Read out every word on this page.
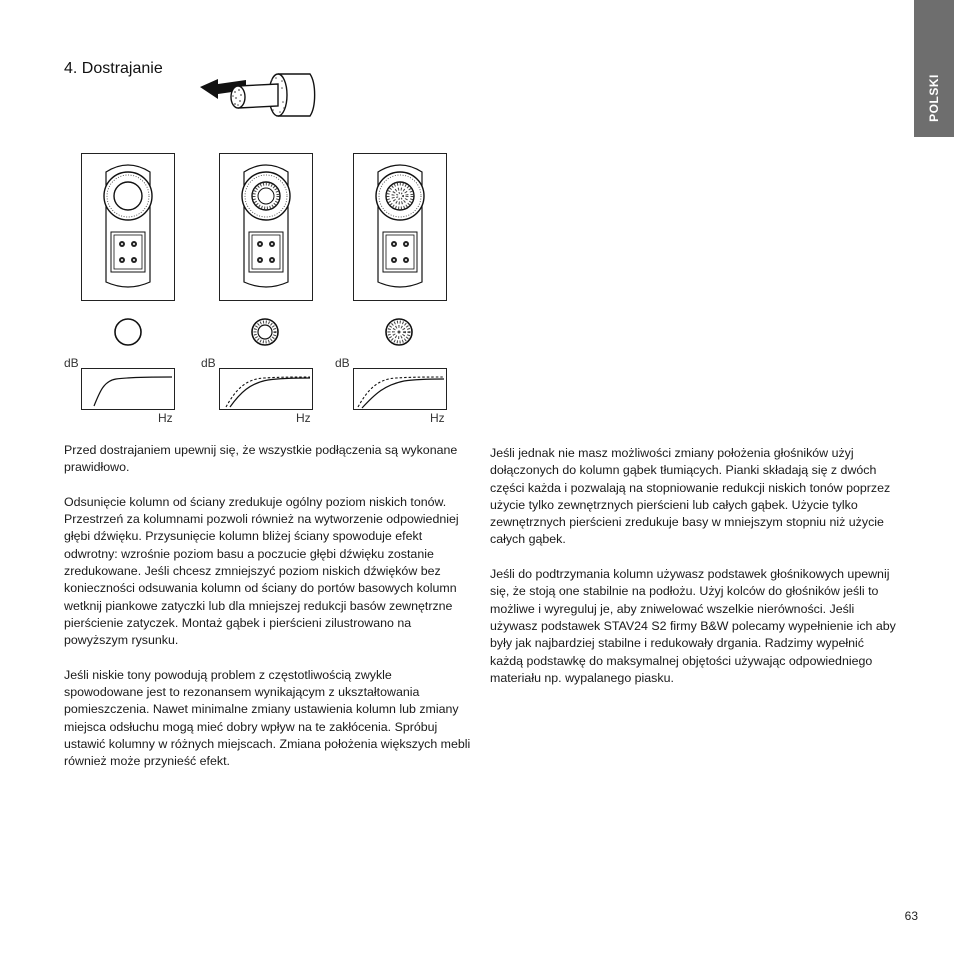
POLSKI
4. Dostrajanie
dB
Hz
dB
Hz
dB
Hz

Przed dostrajaniem upewnij się, że wszystkie podłączenia są wykonane prawidłowo.

Odsunięcie kolumn od ściany zredukuje ogólny poziom niskich tonów. Przestrzeń za kolumnami pozwoli również na wytworzenie odpowiedniej głębi dźwięku. Przysunięcie kolumn bliżej ściany spowoduje efekt odwrotny: wzrośnie poziom basu a poczucie głębi dźwięku zostanie zredukowane. Jeśli chcesz zmniejszyć poziom niskich dźwięków bez konieczności odsuwania kolumn od ściany do portów basowych kolumn wetknij piankowe zatyczki lub dla mniejszej redukcji basów zewnętrzne pierścienie zatyczek. Montaż gąbek i pierścieni zilustrowano na powyższym rysunku.

Jeśli niskie tony powodują problem z częstotliwością zwykle spowodowane jest to rezonansem wynikającym z ukształtowania pomieszczenia. Nawet minimalne zmiany ustawienia kolumn lub zmiany miejsca odsłuchu mogą mieć dobry wpływ na te zakłócenia. Spróbuj ustawić kolumny w różnych miejscach. Zmiana położenia większych mebli również może przynieść efekt.

Jeśli jednak nie masz możliwości zmiany położenia głośników użyj dołączonych do kolumn gąbek tłumiących. Pianki składają się z dwóch części każda i pozwalają na stopniowanie redukcji niskich tonów poprzez użycie tylko zewnętrznych pierścieni lub całych gąbek. Użycie tylko zewnętrznych pierścieni zredukuje basy w mniejszym stopniu niż użycie całych gąbek.

Jeśli do podtrzymania kolumn używasz podstawek głośnikowych upewnij się, że stoją one stabilnie na podłożu. Użyj kolców do głośników jeśli to możliwe i wyreguluj je, aby zniwelować wszelkie nierówności. Jeśli używasz podstawek STAV24 S2 firmy B&W polecamy wypełnienie ich aby były jak najbardziej stabilne i redukowały drgania. Radzimy wypełnić każdą podstawkę do maksymalnej objętości używając odpowiedniego materiału np. wypalanego piasku.

63
